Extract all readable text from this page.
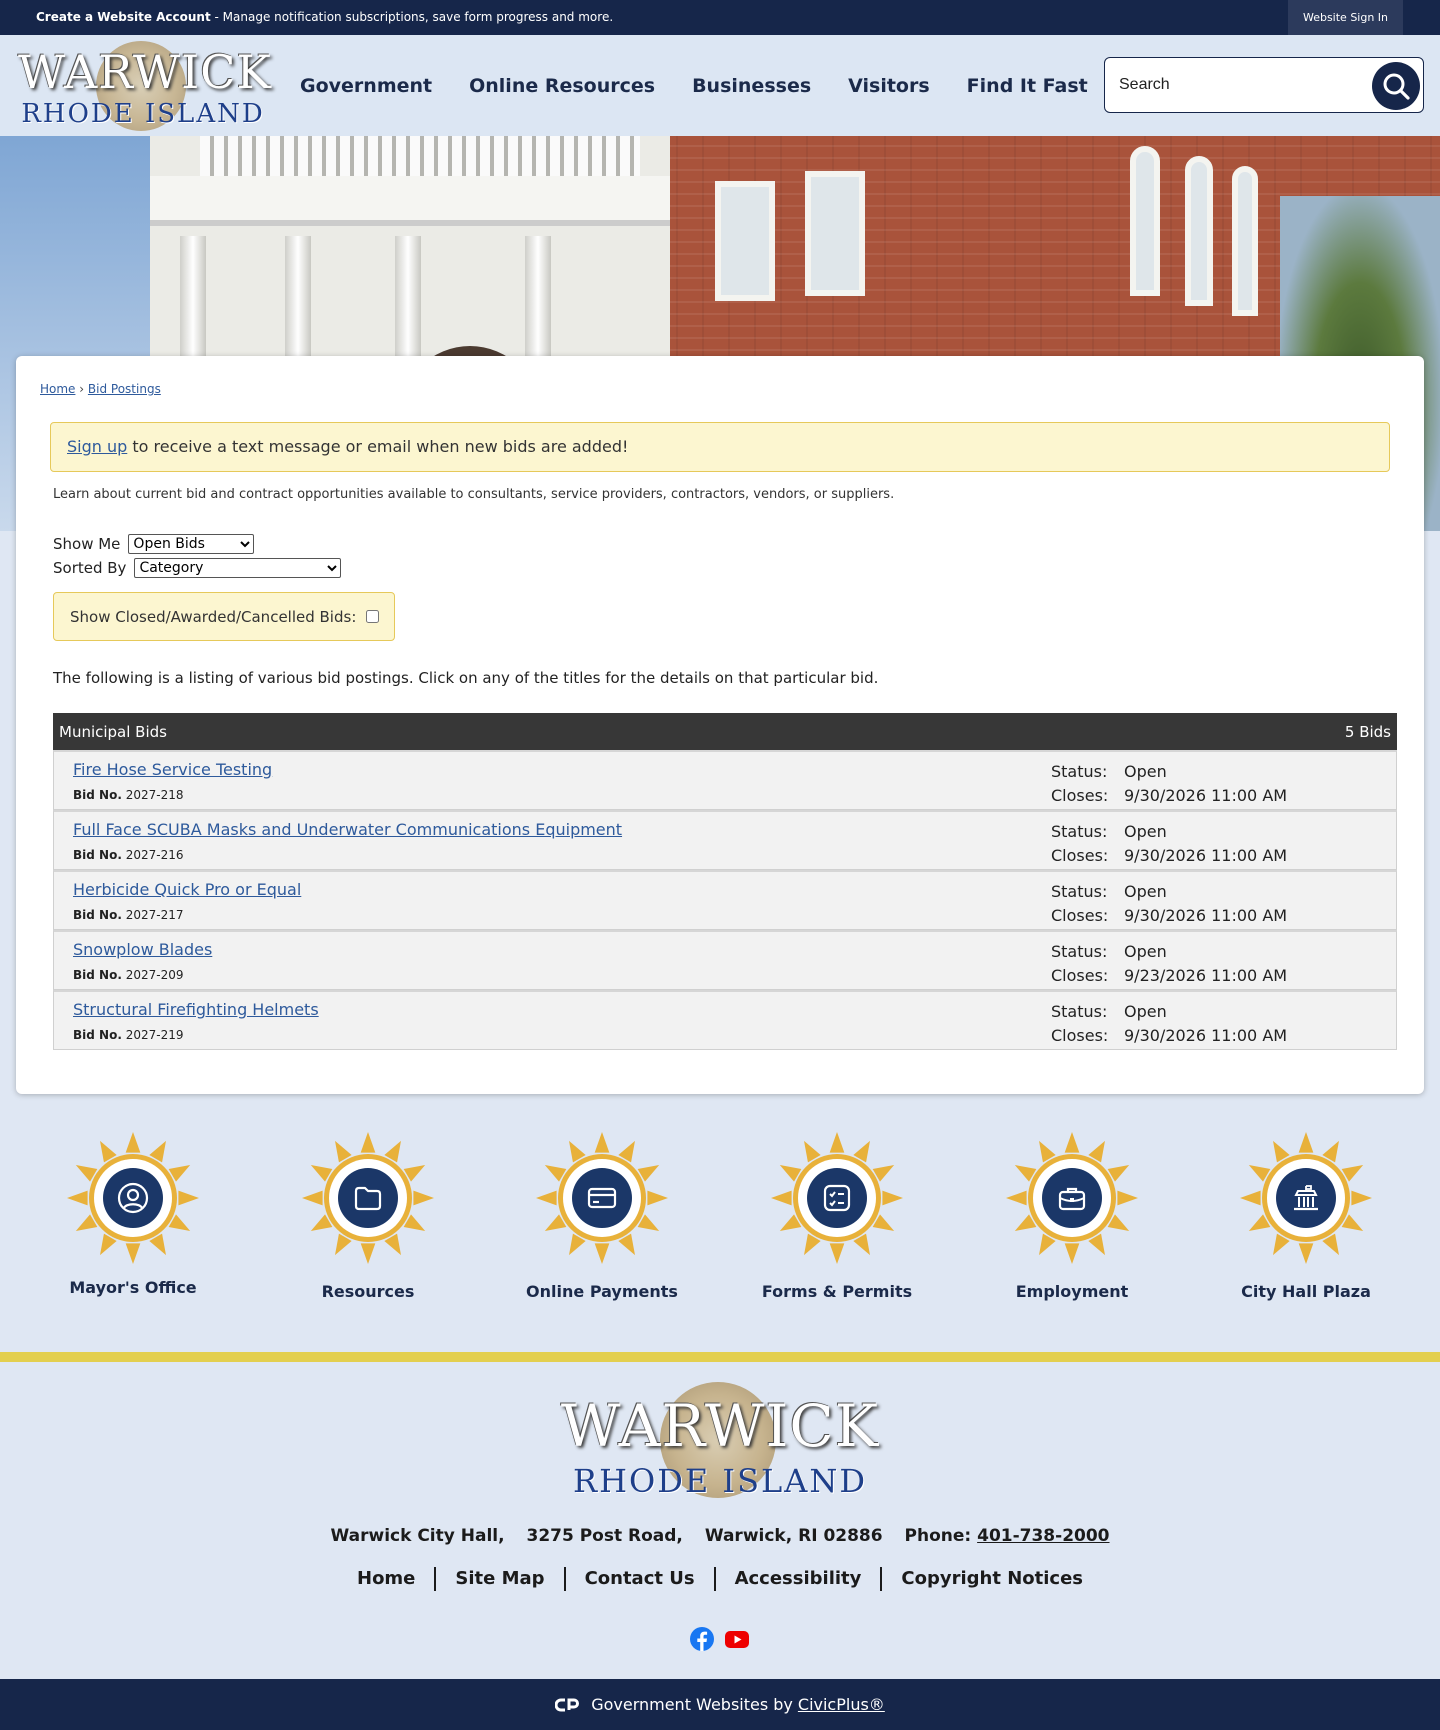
Create a Website Account - Manage notification subscriptions, save form progress and more.	Website Sign In
WARWICK
RHODE ISLAND
Government Online Resources Businesses Visitors Find It Fast
Search
Home › Bid Postings
Sign up to receive a text message or email when new bids are added!
Learn about current bid and contract opportunities available to consultants, service providers, contractors, vendors, or suppliers.
Show Me
Open Bids
Sorted By
Category
Show Closed/Awarded/Cancelled Bids:
The following is a listing of various bid postings. Click on any of the titles for the details on that particular bid.
Municipal Bids	5 Bids
Fire Hose Service Testing
Bid No. 2027-218
Status: Open
Closes: 9/30/2026 11:00 AM
Full Face SCUBA Masks and Underwater Communications Equipment
Bid No. 2027-216
Status: Open
Closes: 9/30/2026 11:00 AM
Herbicide Quick Pro or Equal
Bid No. 2027-217
Status: Open
Closes: 9/30/2026 11:00 AM
Snowplow Blades
Bid No. 2027-209
Status: Open
Closes: 9/23/2026 11:00 AM
Structural Firefighting Helmets
Bid No. 2027-219
Status: Open
Closes: 9/30/2026 11:00 AM
Mayor's Office	Resources	Online Payments	Forms & Permits	Employment	City Hall Plaza
WARWICK
RHODE ISLAND
Warwick City Hall, 3275 Post Road, Warwick, RI 02886 Phone: 401-738-2000
Home	Site Map	Contact Us	Accessibility	Copyright Notices
Government Websites by CivicPlus®
